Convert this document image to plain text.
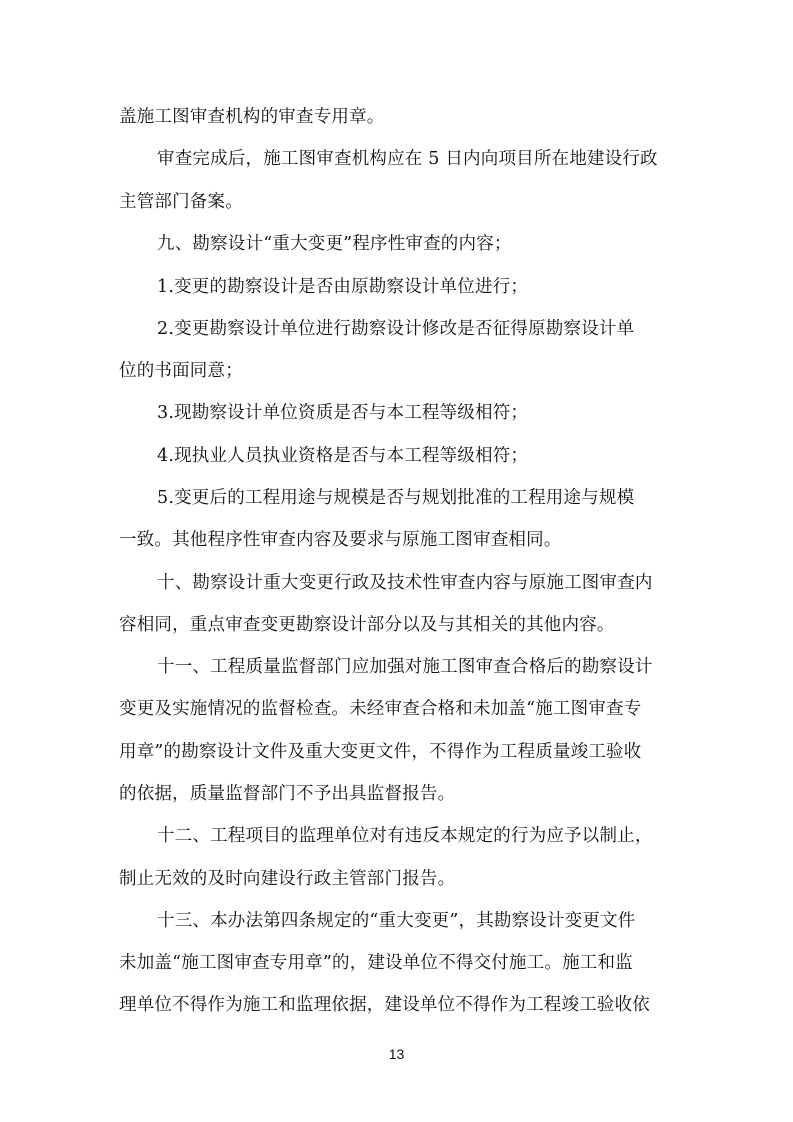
盖施工图审查机构的审查专用章。
审查完成后，施工图审查机构应在 5 日内向项目所在地建设行政
主管部门备案。
九、勘察设计“重大变更”程序性审查的内容；
1.变更的勘察设计是否由原勘察设计单位进行；
2.变更勘察设计单位进行勘察设计修改是否征得原勘察设计单
位的书面同意；
3.现勘察设计单位资质是否与本工程等级相符；
4.现执业人员执业资格是否与本工程等级相符；
5.变更后的工程用途与规模是否与规划批准的工程用途与规模
一致。其他程序性审查内容及要求与原施工图审查相同。
十、勘察设计重大变更行政及技术性审查内容与原施工图审查内
容相同，重点审查变更勘察设计部分以及与其相关的其他内容。
十一、工程质量监督部门应加强对施工图审查合格后的勘察设计
变更及实施情况的监督检查。未经审查合格和未加盖“施工图审查专
用章”的勘察设计文件及重大变更文件，不得作为工程质量竣工验收
的依据，质量监督部门不予出具监督报告。
十二、工程项目的监理单位对有违反本规定的行为应予以制止，
制止无效的及时向建设行政主管部门报告。
十三、本办法第四条规定的“重大变更”，其勘察设计变更文件
未加盖“施工图审查专用章”的，建设单位不得交付施工。施工和监
理单位不得作为施工和监理依据，建设单位不得作为工程竣工验收依
13
